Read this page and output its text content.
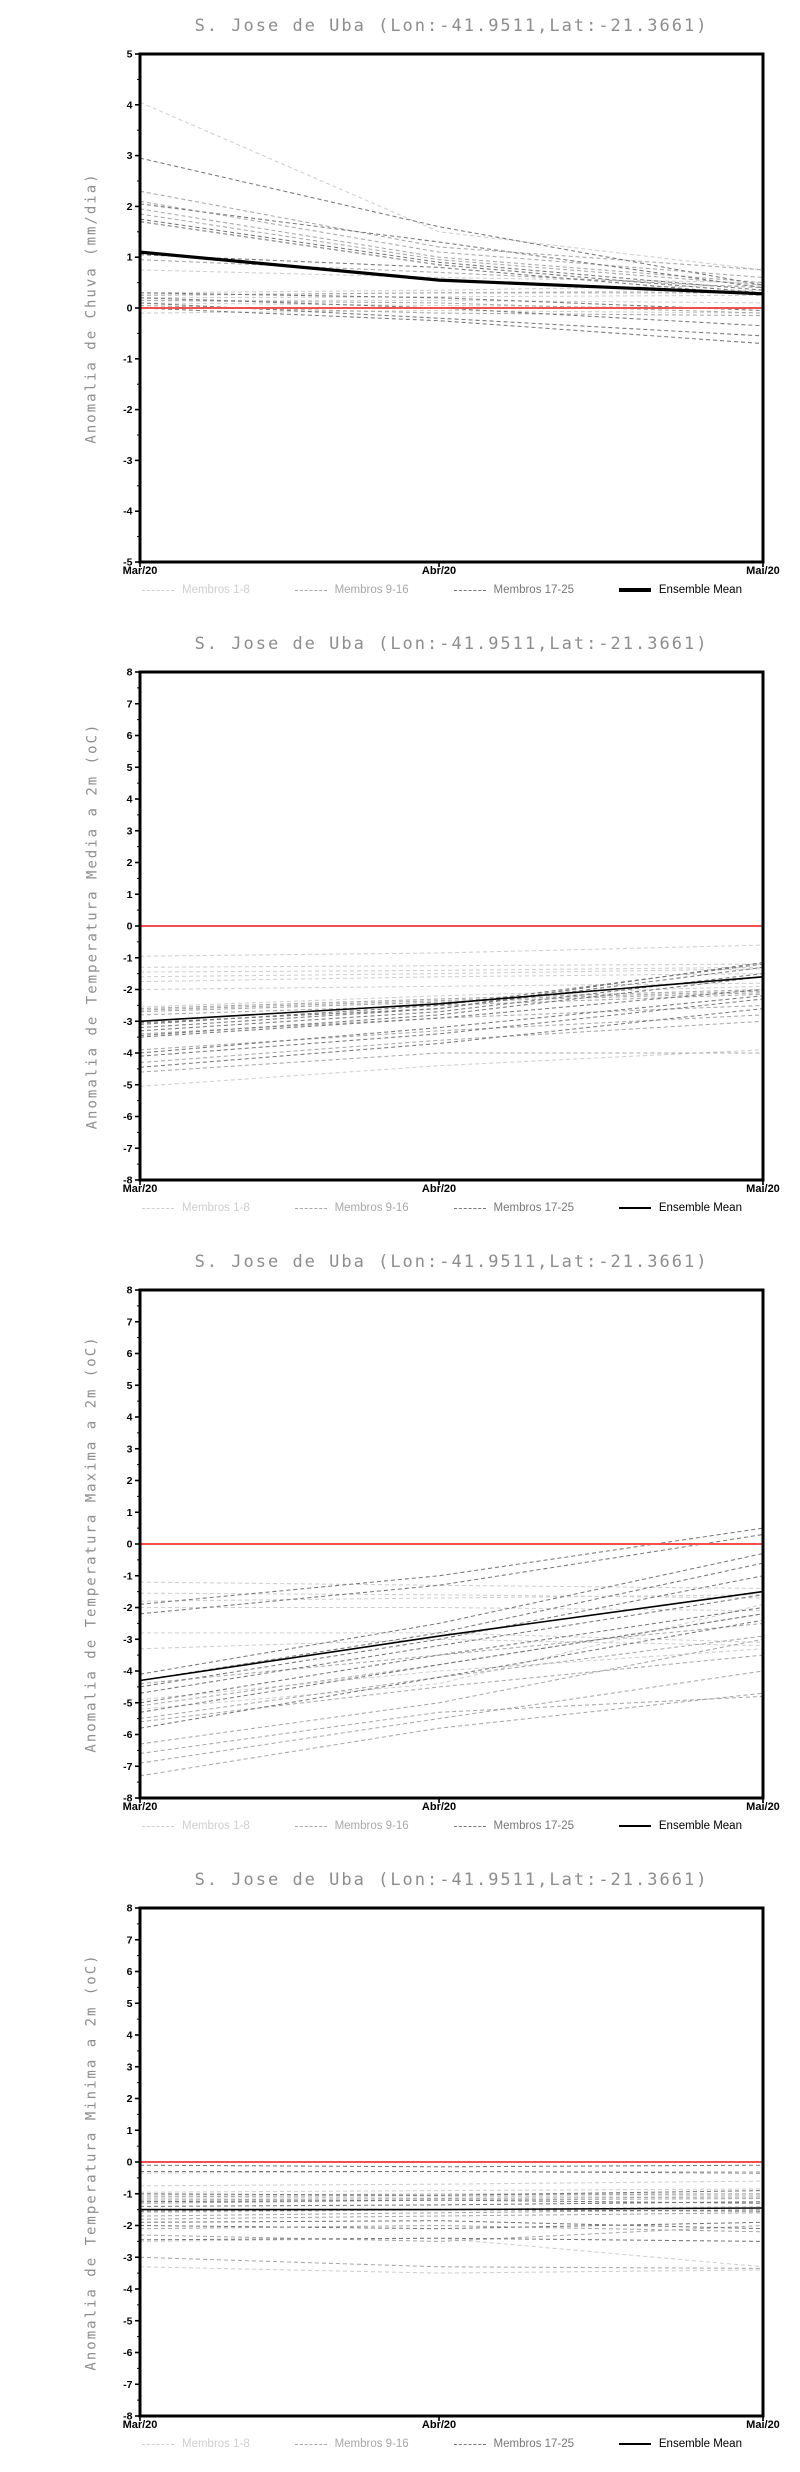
-5
-4
-3
-2
-1
0
1
2
3
4
5
S. Jose de Uba (Lon:-41.9511,Lat:-21.3661)
Anomalia de Chuva (mm/dia)
Mar/20	Abr/20	Mai/20
Membros 1-8	Membros 9-16	Membros 17-25	Ensemble Mean
-8
-7
-6
-5
-4
-3
-2
-1
0
1
2
3
4
5
6
7
8
S. Jose de Uba (Lon:-41.9511,Lat:-21.3661)
Anomalia de Temperatura Media a 2m (oC)
Mar/20	Abr/20	Mai/20
Membros 1-8	Membros 9-16	Membros 17-25	Ensemble Mean
-8
-7
-6
-5
-4
-3
-2
-1
0
1
2
3
4
5
6
7
8
S. Jose de Uba (Lon:-41.9511,Lat:-21.3661)
Anomalia de Temperatura Maxima a 2m (oC)
Mar/20	Abr/20	Mai/20
Membros 1-8	Membros 9-16	Membros 17-25	Ensemble Mean
-8
-7
-6
-5
-4
-3
-2
-1
0
1
2
3
4
5
6
7
8
S. Jose de Uba (Lon:-41.9511,Lat:-21.3661)
Anomalia de Temperatura Minima a 2m (oC)
Mar/20	Abr/20	Mai/20
Membros 1-8	Membros 9-16	Membros 17-25	Ensemble Mean
